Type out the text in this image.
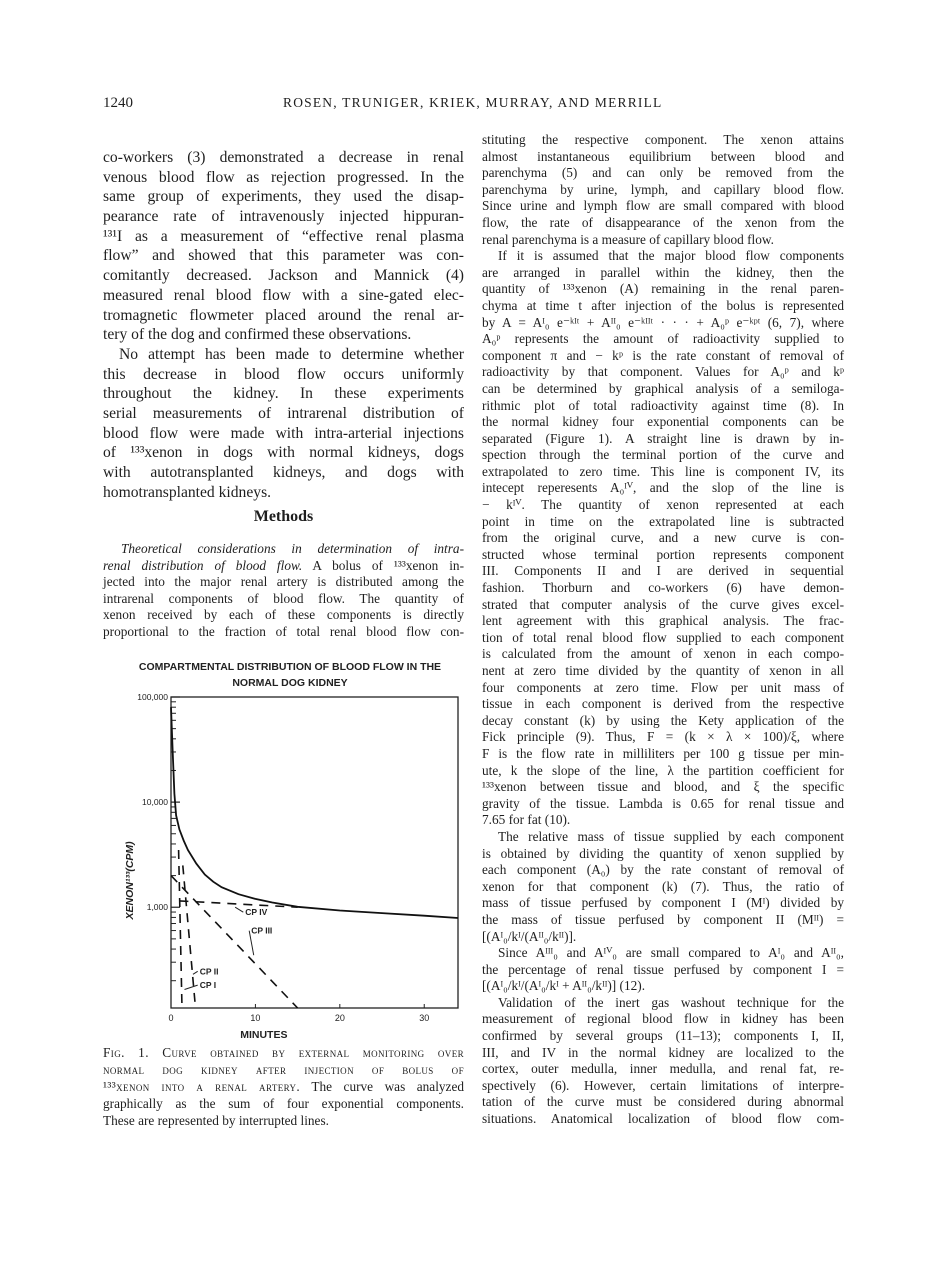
1240	ROSEN, TRUNIGER, KRIEK, MURRAY, AND MERRILL
co-workers (3) demonstrated a decrease in renal
venous blood flow as rejection progressed. In the
same group of experiments, they used the disap-
pearance rate of intravenously injected hippuran-
¹³¹I as a measurement of “effective renal plasma
flow” and showed that this parameter was con-
comitantly decreased. Jackson and Mannick (4)
measured renal blood flow with a sine-gated elec-
tromagnetic flowmeter placed around the renal ar-
tery of the dog and confirmed these observations.
No attempt has been made to determine whether
this decrease in blood flow occurs uniformly
throughout the kidney. In these experiments
serial measurements of intrarenal distribution of
blood flow were made with intra-arterial injections
of ¹³³xenon in dogs with normal kidneys, dogs
with autotransplanted kidneys, and dogs with
homotransplanted kidneys.
Methods
Theoretical considerations in determination of intra-
renal distribution of blood flow. A bolus of ¹³³xenon in-
jected into the major renal artery is distributed among the
intrarenal components of blood flow. The quantity of
xenon received by each of these components is directly
proportional to the fraction of total renal blood flow con-
COMPARTMENTAL DISTRIBUTION OF BLOOD FLOW IN THE
NORMAL DOG KIDNEY
100,000
10,000
1,000
0	10	20	30
MINUTES
XENON¹³³(CPM)	CP IV
CP III
CP II
CP I
Fig. 1. Curve obtained by external monitoring over
normal dog kidney after injection of bolus of
¹³³xenon into a renal artery. The curve was analyzed
graphically as the sum of four exponential components.
These are represented by interrupted lines.
stituting the respective component. The xenon attains
almost instantaneous equilibrium between blood and
parenchyma (5) and can only be removed from the
parenchyma by urine, lymph, and capillary blood flow.
Since urine and lymph flow are small compared with blood
flow, the rate of disappearance of the xenon from the
renal parenchyma is a measure of capillary blood flow.
If it is assumed that the major blood flow components
are arranged in parallel within the kidney, then the
quantity of ¹³³xenon (A) remaining in the renal paren-
chyma at time t after injection of the bolus is represented
by A = Aᴵ₀ e⁻ᵏᴵᵗ + Aᴵᴵ₀ e⁻ᵏᴵᴵᵗ · · · + A₀ᵖ e⁻ᵏᵖᵗ (6, 7), where
A₀ᵖ represents the amount of radioactivity supplied to
component π and − kᵖ is the rate constant of removal of
radioactivity by that component. Values for A₀ᵖ and kᵖ
can be determined by graphical analysis of a semiloga-
rithmic plot of total radioactivity against time (8). In
the normal kidney four exponential components can be
separated (Figure 1). A straight line is drawn by in-
spection through the terminal portion of the curve and
extrapolated to zero time. This line is component IV, its
intecept reperesents A₀ᴵⱽ, and the slop of the line is
− kᴵⱽ. The quantity of xenon represented at each
point in time on the extrapolated line is subtracted
from the original curve, and a new curve is con-
structed whose terminal portion represents component
III. Components II and I are derived in sequential
fashion. Thorburn and co-workers (6) have demon-
strated that computer analysis of the curve gives excel-
lent agreement with this graphical analysis. The frac-
tion of total renal blood flow supplied to each component
is calculated from the amount of xenon in each compo-
nent at zero time divided by the quantity of xenon in all
four components at zero time. Flow per unit mass of
tissue in each component is derived from the respective
decay constant (k) by using the Kety application of the
Fick principle (9). Thus, F = (k × λ × 100)/ξ, where
F is the flow rate in milliliters per 100 g tissue per min-
ute, k the slope of the line, λ the partition coefficient for
¹³³xenon between tissue and blood, and ξ the specific
gravity of the tissue. Lambda is 0.65 for renal tissue and
7.65 for fat (10).
The relative mass of tissue supplied by each component
is obtained by dividing the quantity of xenon supplied by
each component (A₀) by the rate constant of removal of
xenon for that component (k) (7). Thus, the ratio of
mass of tissue perfused by component I (Mᴵ) divided by
the mass of tissue perfused by component II (Mᴵᴵ) =
[(Aᴵ₀/kᴵ/(Aᴵᴵ₀/kᴵᴵ)].
Since Aᴵᴵᴵ₀ and Aᴵⱽ₀ are small compared to Aᴵ₀ and Aᴵᴵ₀,
the percentage of renal tissue perfused by component I =
[(Aᴵ₀/kᴵ/(Aᴵ₀/kᴵ + Aᴵᴵ₀/kᴵᴵ)] (12).
Validation of the inert gas washout technique for the
measurement of regional blood flow in kidney has been
confirmed by several groups (11–13); components I, II,
III, and IV in the normal kidney are localized to the
cortex, outer medulla, inner medulla, and renal fat, re-
spectively (6). However, certain limitations of interpre-
tation of the curve must be considered during abnormal
situations. Anatomical localization of blood flow com-
